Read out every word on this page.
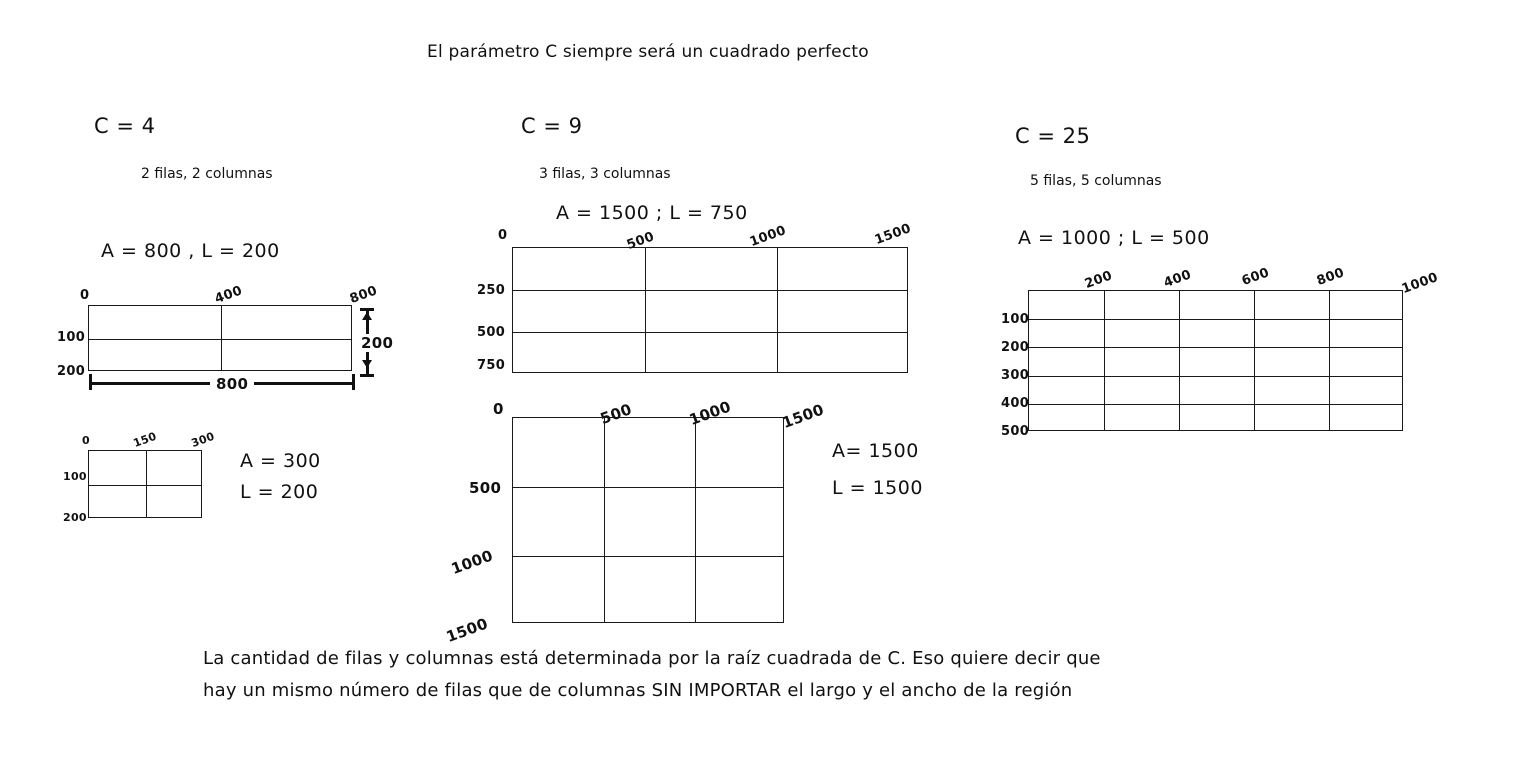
El parámetro C siempre será un cuadrado perfecto
C = 4
2 filas, 2 columnas
A = 800 , L = 200
0	400	800
100
200
800
200
0	150	300
100
200
A = 300
L = 200
C = 9
3 filas, 3 columnas
A = 1500 ; L = 750
0	500	1000	1500
250
500
750
0	500	1000	1500
500
1000
1500
A= 1500
L = 1500
C = 25
5 filas, 5 columnas
A = 1000 ; L = 500
200	400	600	800	1000
100
200
300
400
500
La cantidad de filas y columnas está determinada por la raíz cuadrada de C. Eso quiere decir que
hay un mismo número de filas que de columnas SIN IMPORTAR el largo y el ancho de la región
